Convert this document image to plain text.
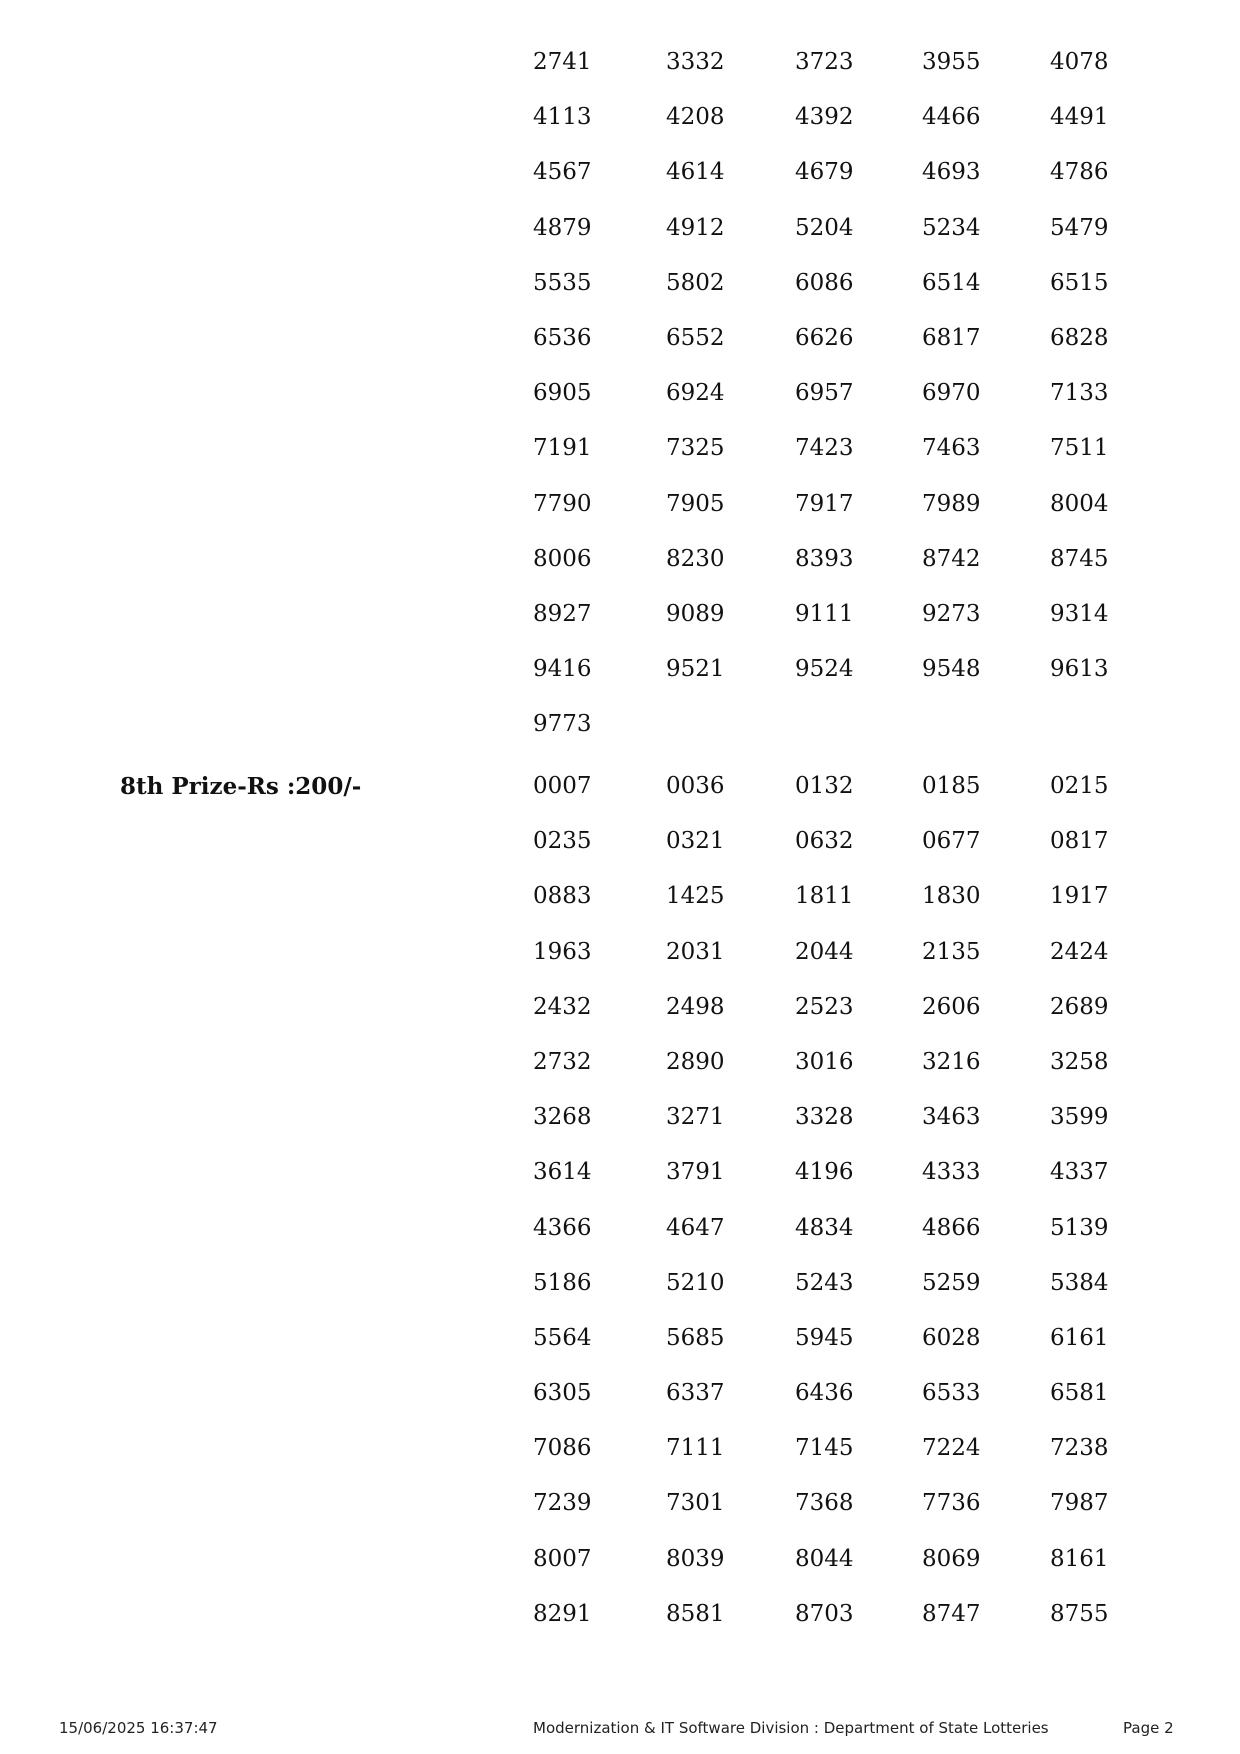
2741	3332	3723	3955	4078
4113	4208	4392	4466	4491
4567	4614	4679	4693	4786
4879	4912	5204	5234	5479
5535	5802	6086	6514	6515
6536	6552	6626	6817	6828
6905	6924	6957	6970	7133
7191	7325	7423	7463	7511
7790	7905	7917	7989	8004
8006	8230	8393	8742	8745
8927	9089	9111	9273	9314
9416	9521	9524	9548	9613
9773
8th Prize-Rs :200/-	0007	0036	0132	0185	0215
0235	0321	0632	0677	0817
0883	1425	1811	1830	1917
1963	2031	2044	2135	2424
2432	2498	2523	2606	2689
2732	2890	3016	3216	3258
3268	3271	3328	3463	3599
3614	3791	4196	4333	4337
4366	4647	4834	4866	5139
5186	5210	5243	5259	5384
5564	5685	5945	6028	6161
6305	6337	6436	6533	6581
7086	7111	7145	7224	7238
7239	7301	7368	7736	7987
8007	8039	8044	8069	8161
8291	8581	8703	8747	8755
15/06/2025 16:37:47	Modernization & IT Software Division : Department of State Lotteries	Page 2
